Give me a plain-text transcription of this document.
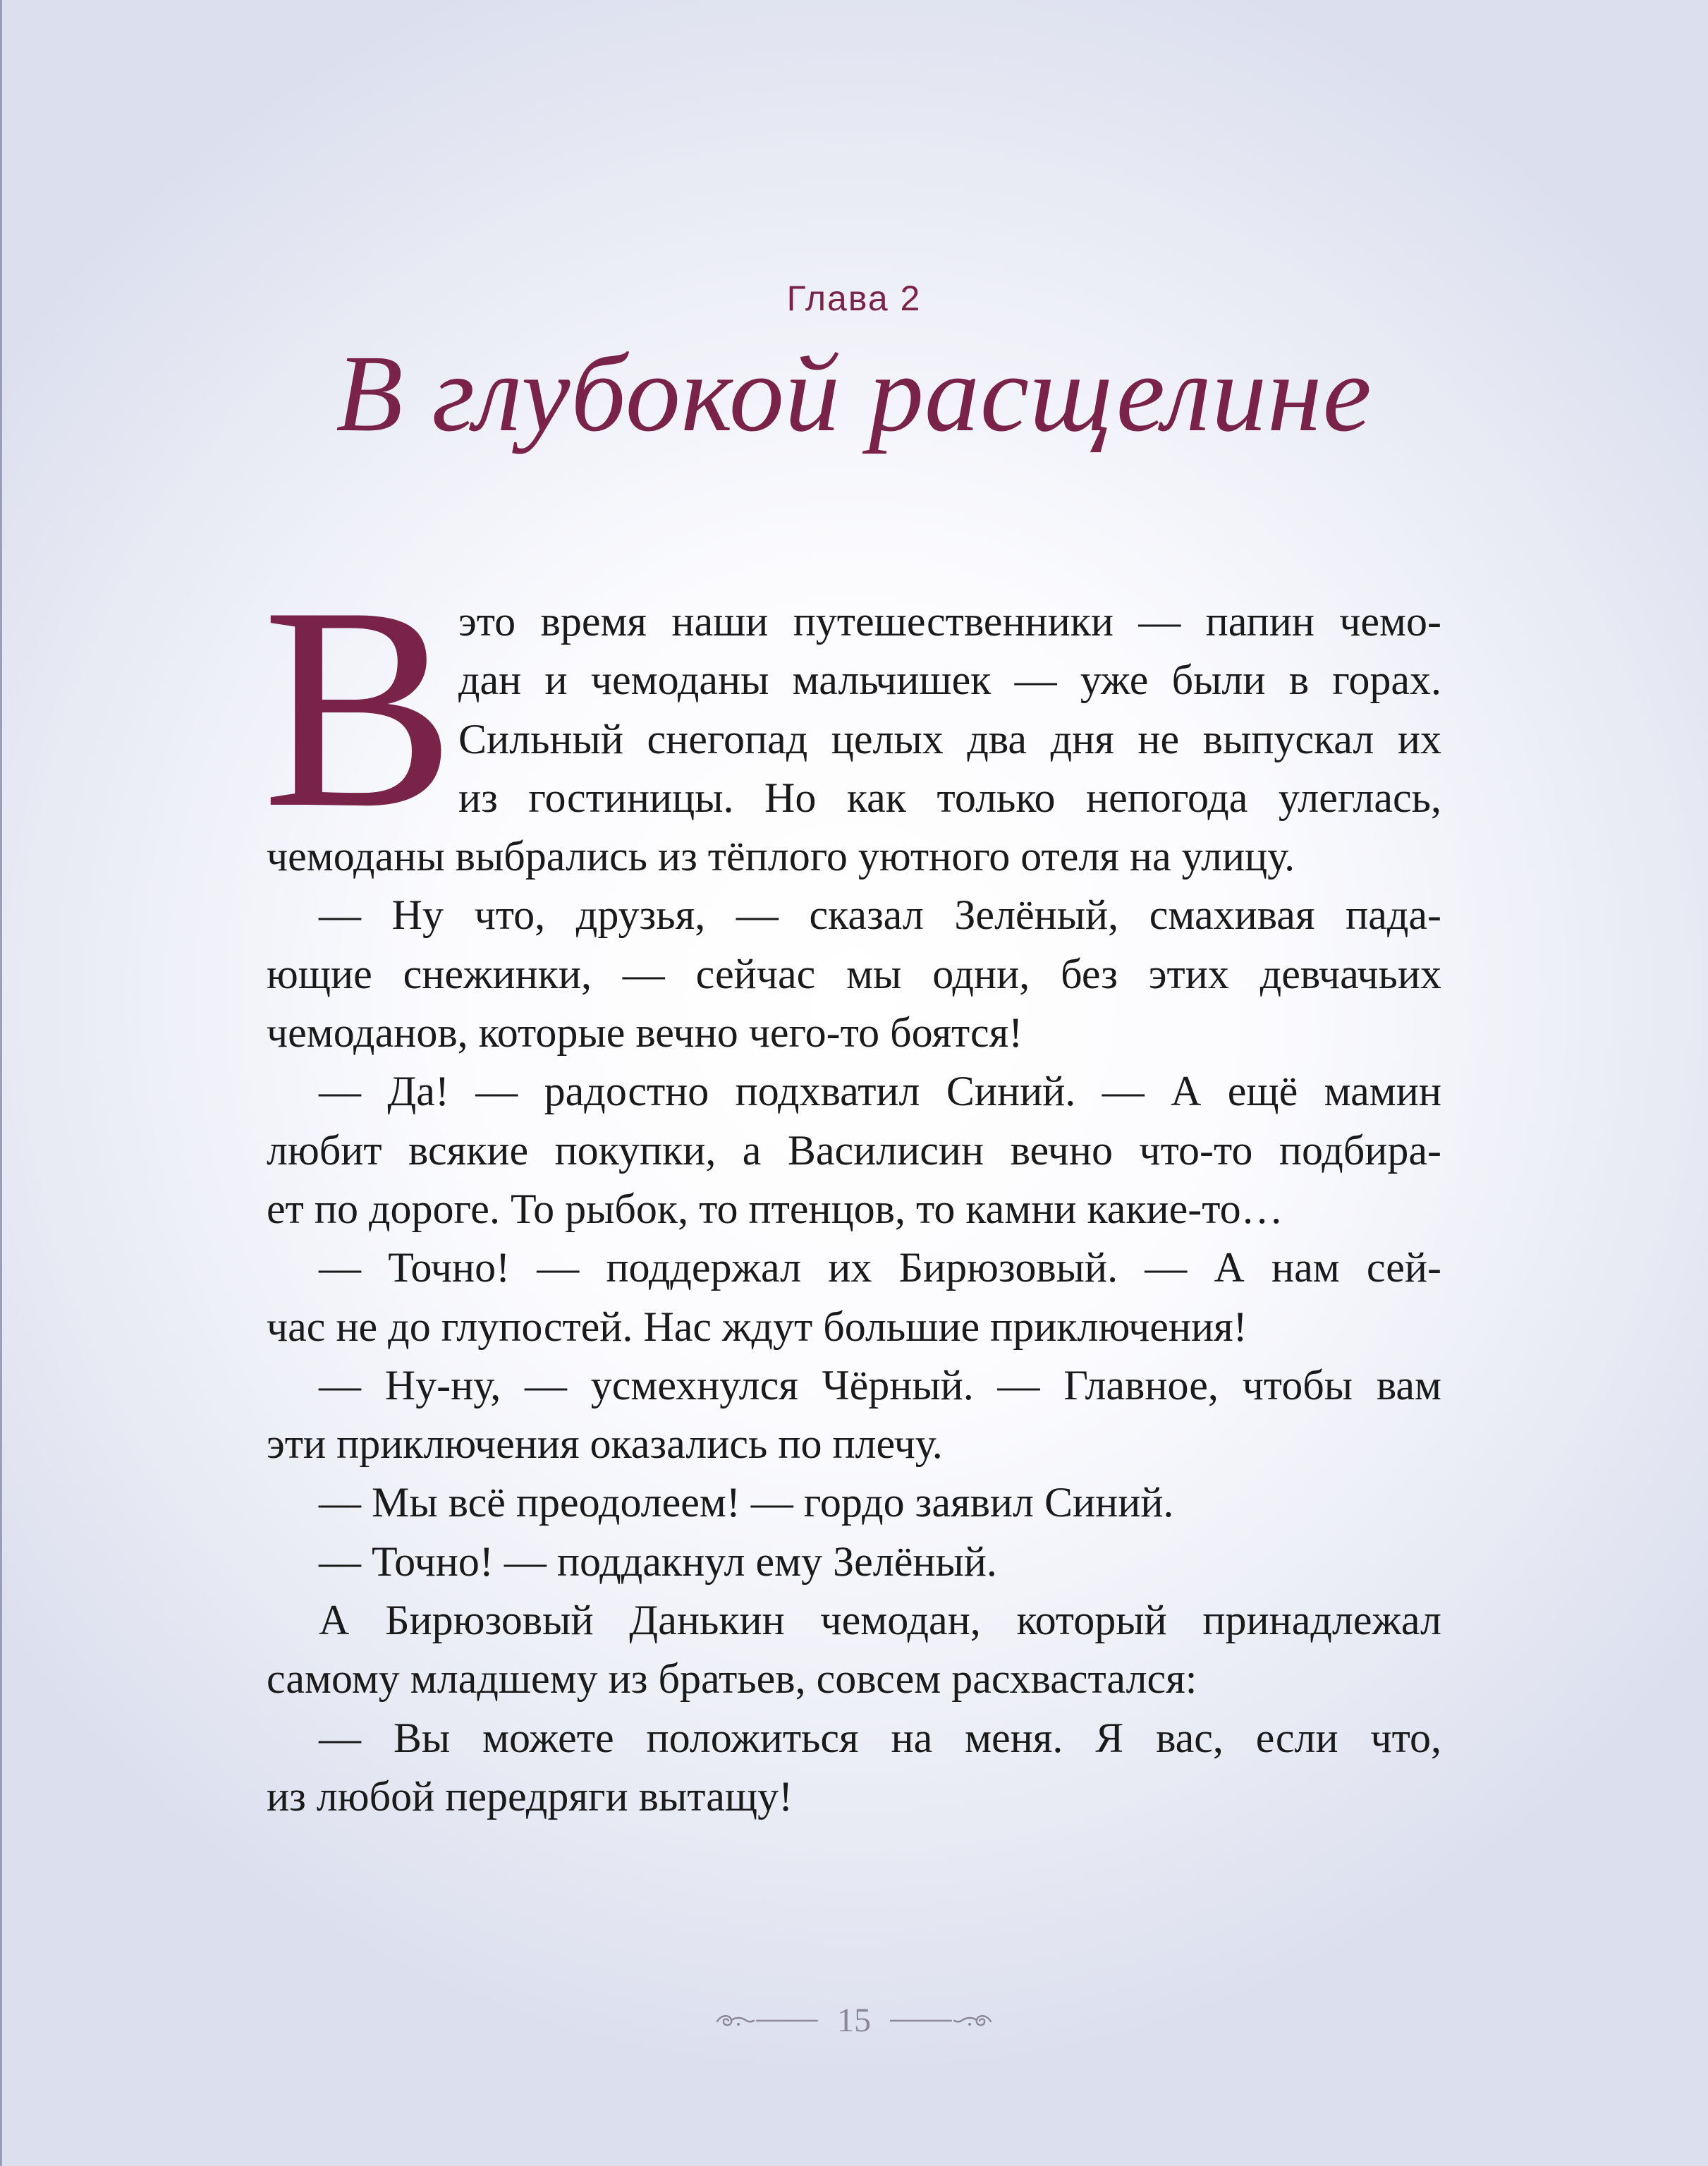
Глава 2
В глубокой расщелине
В это время наши путешественники — папин чемо-
дан и чемоданы мальчишек — уже были в горах.
Сильный снегопад целых два дня не выпускал их
из гостиницы. Но как только непогода улеглась,
чемоданы выбрались из тёплого уютного отеля на улицу.
— Ну что, друзья, — сказал Зелёный, смахивая пада-
ющие снежинки, — сейчас мы одни, без этих девчачьих
чемоданов, которые вечно чего-то боятся!
— Да! — радостно подхватил Синий. — А ещё мамин
любит всякие покупки, а Василисин вечно что-то подбира-
ет по дороге. То рыбок, то птенцов, то камни какие-то…
— Точно! — поддержал их Бирюзовый. — А нам сей-
час не до глупостей. Нас ждут большие приключения!
— Ну-ну, — усмехнулся Чёрный. — Главное, чтобы вам
эти приключения оказались по плечу.
— Мы всё преодолеем! — гордо заявил Синий.
— Точно! — поддакнул ему Зелёный.
А Бирюзовый Данькин чемодан, который принадлежал
самому младшему из братьев, совсем расхвастался:
— Вы можете положиться на меня. Я вас, если что,
из любой передряги вытащу!
15
